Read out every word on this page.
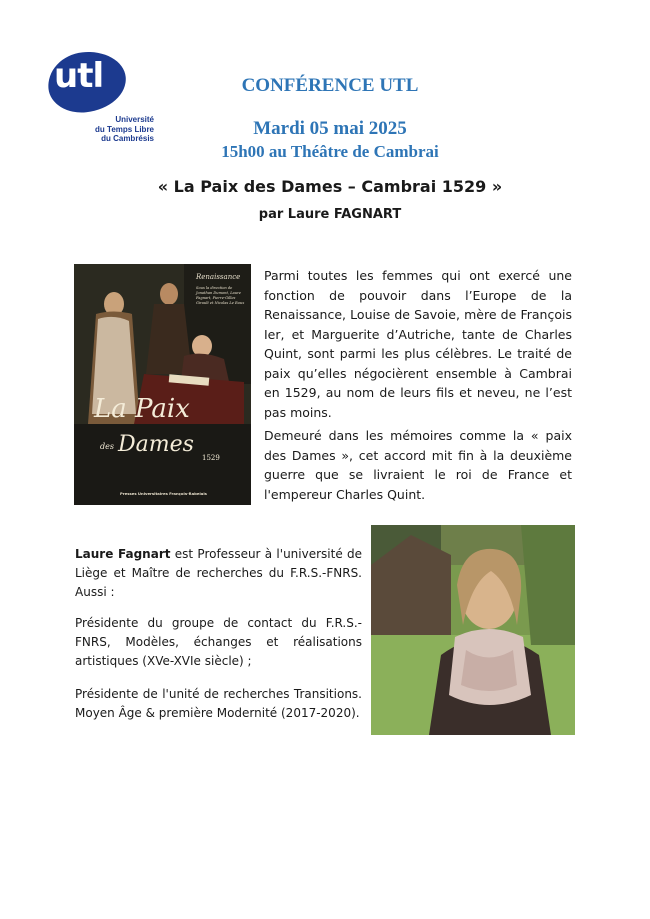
utl
Université
du Temps Libre
du Cambrésis
CONFÉRENCE UTL
Mardi 05 mai 2025
15h00 au Théâtre de Cambrai
« La Paix des Dames – Cambrai 1529 »
par Laure FAGNART
Renaissance
Sous la direction de Jonathan Dumont, Laure Fagnart, Pierre-Gilles Girault et Nicolas Le Roux
La Paix
des Dames
1529
Presses Universitaires François-Rabelais

Parmi toutes les femmes qui ont exercé une fonction de pouvoir dans l’Europe de la Renaissance, Louise de Savoie, mère de François Ier, et Marguerite d’Autriche, tante de Charles Quint, sont parmi les plus célèbres. Le traité de paix qu’elles négocièrent ensemble à Cambrai en 1529, au nom de leurs fils et neveu, ne l’est pas moins.

Demeuré dans les mémoires comme la « paix des Dames », cet accord mit fin à la deuxième guerre que se livraient le roi de France et l'empereur Charles Quint.

Laure Fagnart est Professeur à l'université de Liège et Maître de recherches du F.R.S.-FNRS. Aussi :

Présidente du groupe de contact du F.R.S.-FNRS, Modèles, échanges et réalisations artistiques (XVe-XVIe siècle) ;

Présidente de l'unité de recherches Transitions. Moyen Âge & première Modernité (2017-2020).
